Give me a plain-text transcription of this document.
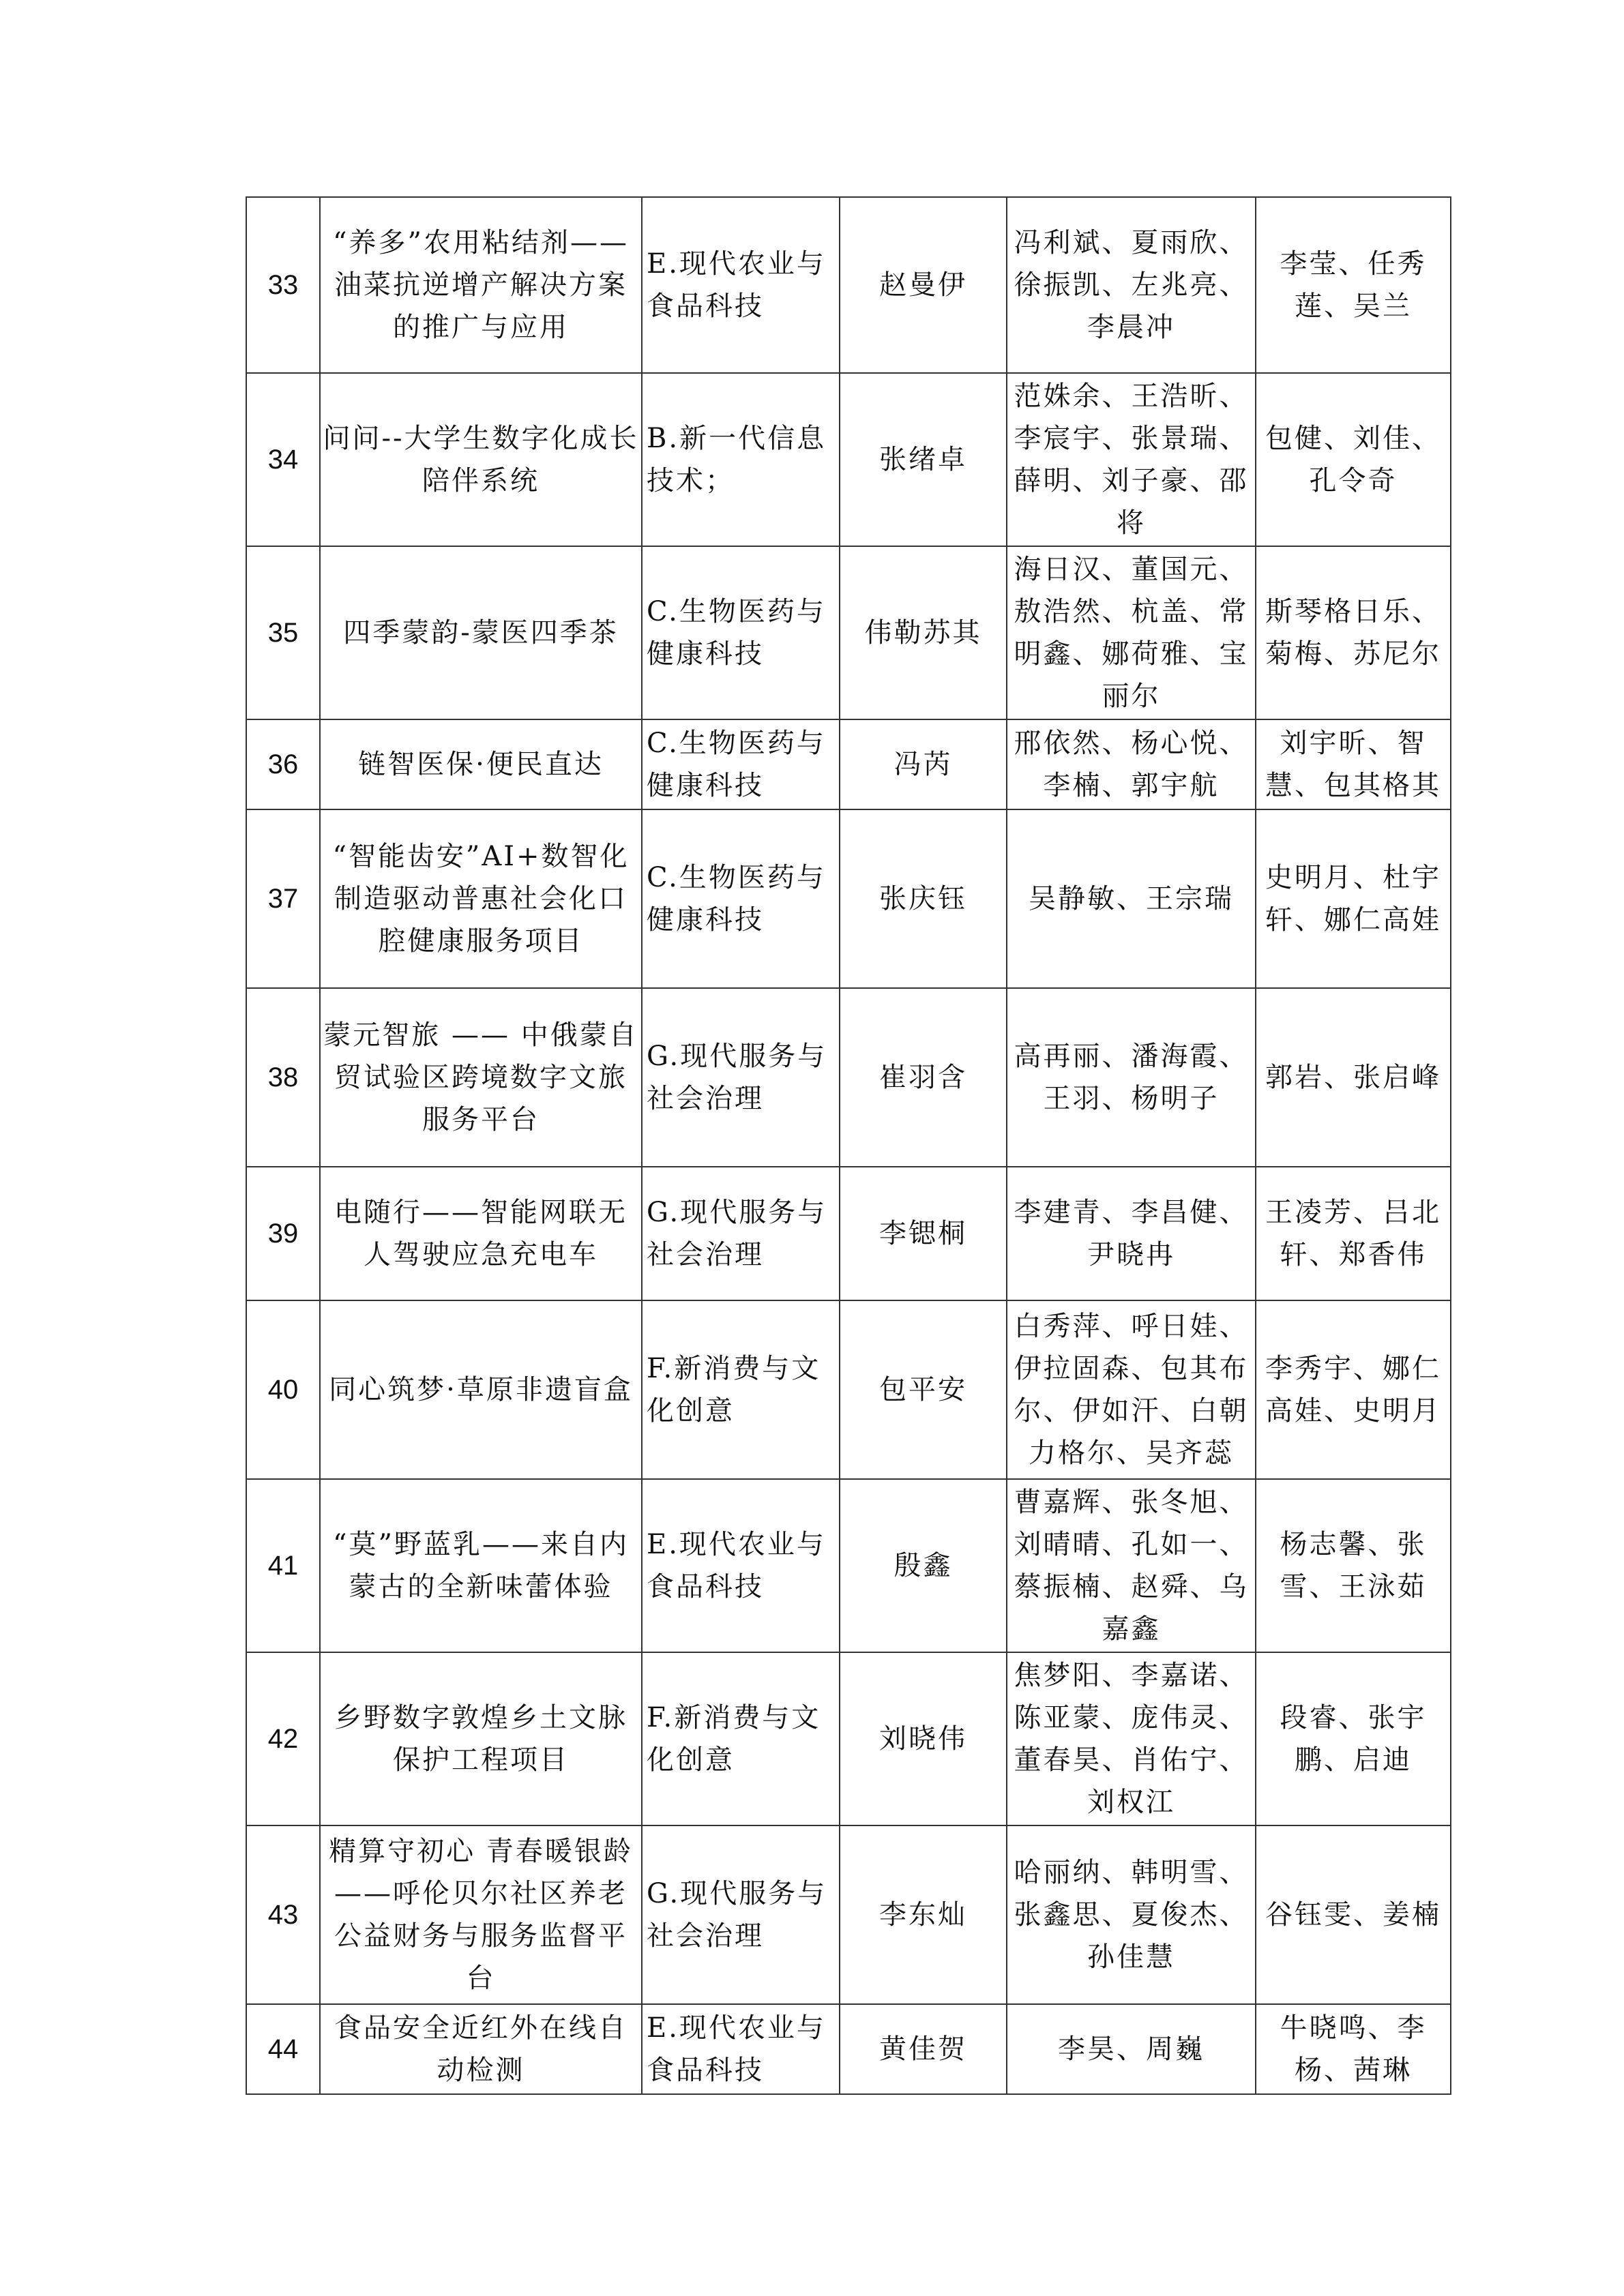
33	“养多”农用粘结剂——油菜抗逆增产解决方案的推广与应用	E.现代农业与食品科技	赵曼伊	冯利斌、夏雨欣、徐振凯、左兆亮、李晨冲	李莹、任秀莲、吴兰
34	问问--大学生数字化成长陪伴系统	B.新一代信息技术；	张绪卓	范姝余、王浩昕、李宸宇、张景瑞、薛明、刘子豪、邵将	包健、刘佳、孔令奇
35	四季蒙韵-蒙医四季茶	C.生物医药与健康科技	伟勒苏其	海日汉、董国元、敖浩然、杭盖、常明鑫、娜荷雅、宝丽尔	斯琴格日乐、菊梅、苏尼尔
36	链智医保·便民直达	C.生物医药与健康科技	冯芮	邢依然、杨心悦、李楠、郭宇航	刘宇昕、智慧、包其格其
37	“智能齿安”AI+数智化制造驱动普惠社会化口腔健康服务项目	C.生物医药与健康科技	张庆钰	吴静敏、王宗瑞	史明月、杜宇轩、娜仁高娃
38	蒙元智旅 —— 中俄蒙自贸试验区跨境数字文旅服务平台	G.现代服务与社会治理	崔羽含	高再丽、潘海霞、王羽、杨明子	郭岩、张启峰
39	电随行——智能网联无人驾驶应急充电车	G.现代服务与社会治理	李锶桐	李建青、李昌健、尹晓冉	王凌芳、吕北轩、郑香伟
40	同心筑梦·草原非遗盲盒	F.新消费与文化创意	包平安	白秀萍、呼日娃、伊拉固森、包其布尔、伊如汗、白朝力格尔、吴齐蕊	李秀宇、娜仁高娃、史明月
41	“莫”野蓝乳——来自内蒙古的全新味蕾体验	E.现代农业与食品科技	殷鑫	曹嘉辉、张冬旭、刘晴晴、孔如一、蔡振楠、赵舜、乌嘉鑫	杨志馨、张雪、王泳茹
42	乡野数字敦煌乡土文脉保护工程项目	F.新消费与文化创意	刘晓伟	焦梦阳、李嘉诺、陈亚蒙、庞伟灵、董春昊、肖佑宁、刘权江	段睿、张宇鹏、启迪
43	精算守初心 青春暖银龄——呼伦贝尔社区养老公益财务与服务监督平台	G.现代服务与社会治理	李东灿	哈丽纳、韩明雪、张鑫思、夏俊杰、孙佳慧	谷钰雯、姜楠
44	食品安全近红外在线自动检测	E.现代农业与食品科技	黄佳贺	李昊、周巍	牛晓鸣、李杨、茜琳
